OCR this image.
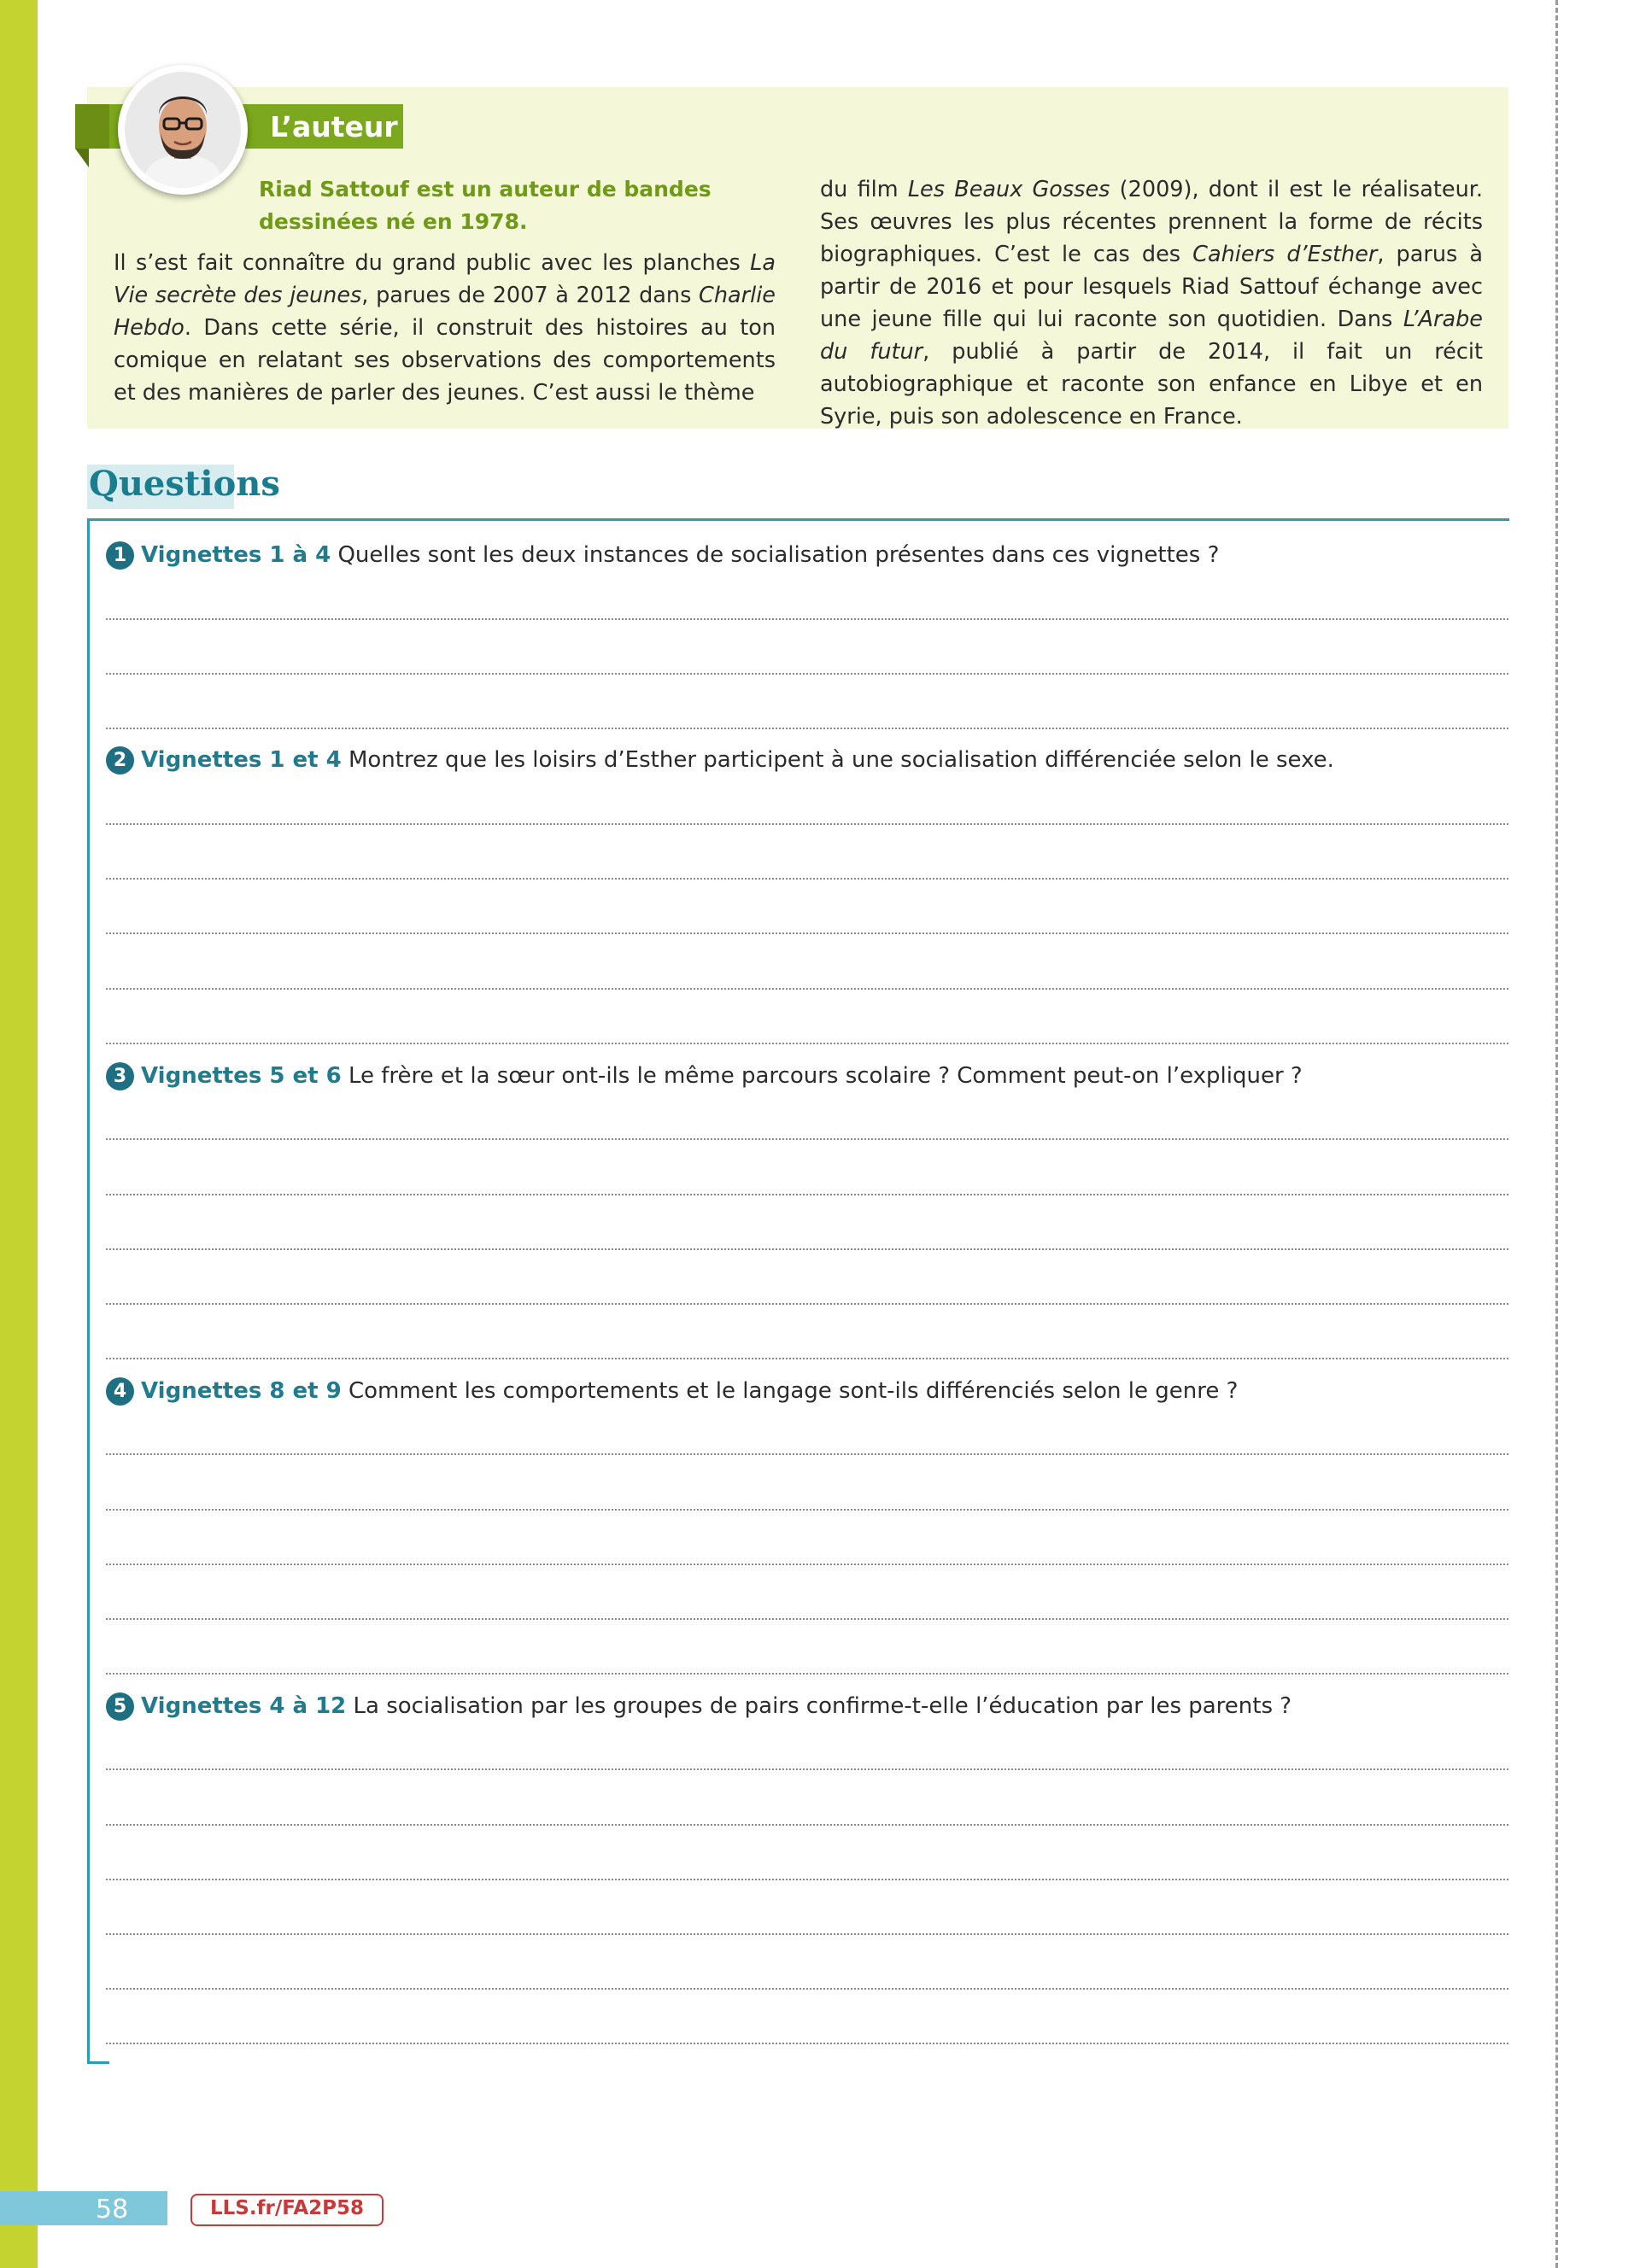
L’auteur
Riad Sattouf est un auteur de bandes dessinées né en 1978.
Il s’est fait connaître du grand public avec les planches La Vie secrète des jeunes, parues de 2007 à 2012 dans Charlie Hebdo. Dans cette série, il construit des histoires au ton comique en relatant ses observations des comportements et des manières de parler des jeunes. C’est aussi le thème
du film Les Beaux Gosses (2009), dont il est le réalisateur. Ses œuvres les plus récentes prennent la forme de récits biographiques. C’est le cas des Cahiers d’Esther, parus à partir de 2016 et pour lesquels Riad Sattouf échange avec une jeune fille qui lui raconte son quotidien. Dans L’Arabe du futur, publié à partir de 2014, il fait un récit autobiographique et raconte son enfance en Libye et en Syrie, puis son adolescence en France.
Questions
1 Vignettes 1 à 4 Quelles sont les deux instances de socialisation présentes dans ces vignettes ?
2 Vignettes 1 et 4 Montrez que les loisirs d’Esther participent à une socialisation différenciée selon le sexe.
3 Vignettes 5 et 6 Le frère et la sœur ont-ils le même parcours scolaire ? Comment peut-on l’expliquer ?
4 Vignettes 8 et 9 Comment les comportements et le langage sont-ils différenciés selon le genre ?
5 Vignettes 4 à 12 La socialisation par les groupes de pairs confirme-t-elle l’éducation par les parents ?
58	LLS.fr/FA2P58
